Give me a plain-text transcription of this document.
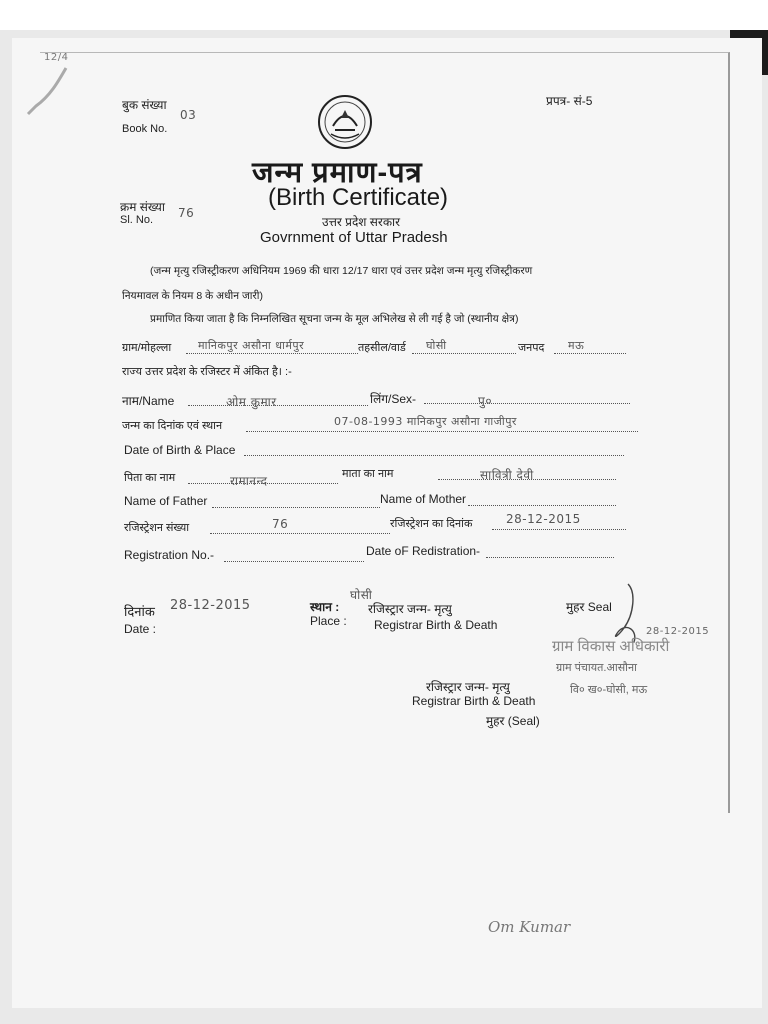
12/4
बुक संख्या
03
Book No.
प्रपत्र- सं-5
जन्म प्रमाण-पत्र
(Birth Certificate)
उत्तर प्रदेश सरकार
Govrnment of Uttar Pradesh
क्रम संख्या 76
Sl. No.
(जन्म मृत्यु रजिस्ट्रीकरण अधिनियम 1969 की धारा 12/17 धारा एवं उत्तर प्रदेश जन्म मृत्यु रजिस्ट्रीकरण
नियमावल के नियम 8 के अधीन जारी)
प्रमाणित किया जाता है कि निम्नलिखित सूचना जन्म के मूल अभिलेख से ली गई है जो (स्थानीय क्षेत्र)
ग्राम/मोहल्ला मानिकपुर असौना धार्मपुर	तहसील/वार्ड घोसी	जनपद मऊ
राज्य उत्तर प्रदेश के रजिस्टर में अंकित है। :-
नाम/Name	ओम कुमार	लिंग/Sex-	पु०
जन्म का दिनांक एवं स्थान	07-08-1993 मानिकपुर असौना गाजीपुर
Date of Birth & Place
पिता का नाम	रामानन्द	माता का नाम	सावित्री देवी
Name of Father	Name of Mother
रजिस्ट्रेशन संख्या	76	रजिस्ट्रेशन का दिनांक	28-12-2015
Registration No.-	Date oF Redistration-
दिनांक 28-12-2015
Date :
स्थान :
घोसी
Place :
रजिस्ट्रार जन्म- मृत्यु
Registrar Birth & Death
मुहर Seal
ग्राम विकास अधिकारी
ग्राम पंचायत.आसौना
वि० ख०-घोसी, मऊ
28-12-2015
रजिस्ट्रार जन्म- मृत्यु
Registrar Birth & Death
मुहर (Seal)
Om Kumar
